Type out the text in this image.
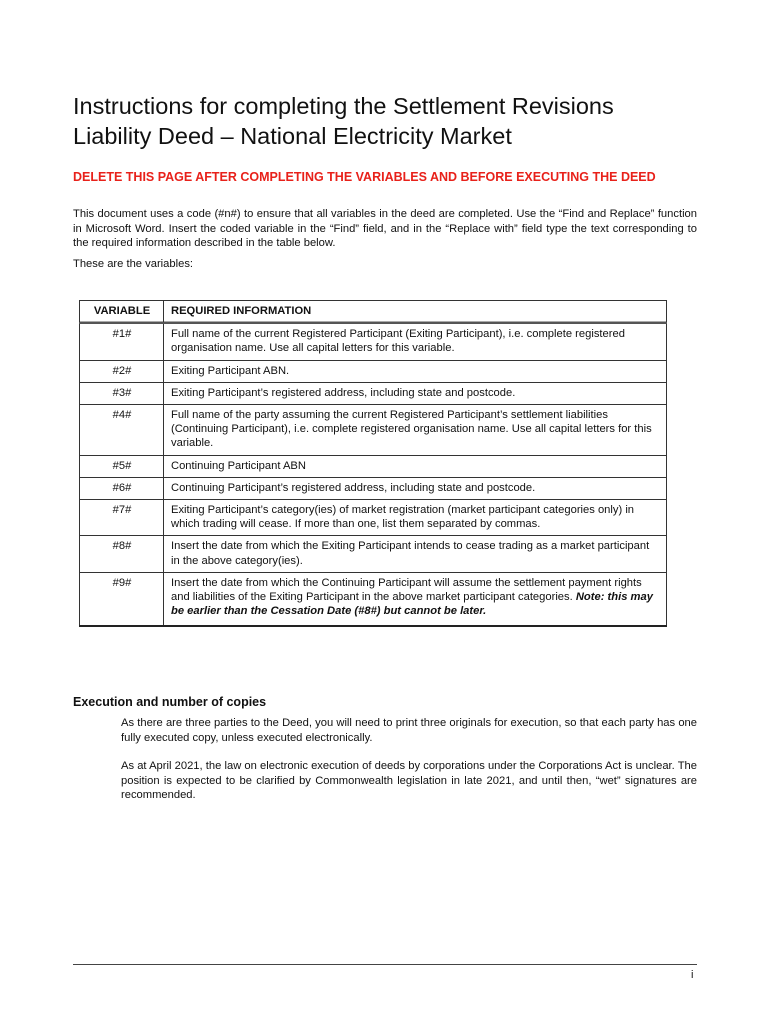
Instructions for completing the Settlement Revisions
Liability Deed – National Electricity Market

DELETE THIS PAGE AFTER COMPLETING THE VARIABLES AND BEFORE EXECUTING THE DEED

This document uses a code (#n#) to ensure that all variables in the deed are completed. Use the “Find and Replace” function in Microsoft Word. Insert the coded variable in the “Find” field, and in the “Replace with” field type the text corresponding to the required information described in the table below.

These are the variables:

VARIABLE	REQUIRED INFORMATION
#1#	Full name of the current Registered Participant (Exiting Participant), i.e. complete registered organisation name. Use all capital letters for this variable.
#2#	Exiting Participant ABN.
#3#	Exiting Participant’s registered address, including state and postcode.
#4#	Full name of the party assuming the current Registered Participant’s settlement liabilities (Continuing Participant), i.e. complete registered organisation name. Use all capital letters for this variable.
#5#	Continuing Participant ABN
#6#	Continuing Participant’s registered address, including state and postcode.
#7#	Exiting Participant’s category(ies) of market registration (market participant categories only) in which trading will cease. If more than one, list them separated by commas.
#8#	Insert the date from which the Exiting Participant intends to cease trading as a market participant in the above category(ies).
#9#	Insert the date from which the Continuing Participant will assume the settlement payment rights and liabilities of the Exiting Participant in the above market participant categories. Note: this may be earlier than the Cessation Date (#8#) but cannot be later.
Execution and number of copies

As there are three parties to the Deed, you will need to print three originals for execution, so that each party has one fully executed copy, unless executed electronically.

As at April 2021, the law on electronic execution of deeds by corporations under the Corporations Act is unclear. The position is expected to be clarified by Commonwealth legislation in late 2021, and until then, “wet” signatures are recommended.

i
